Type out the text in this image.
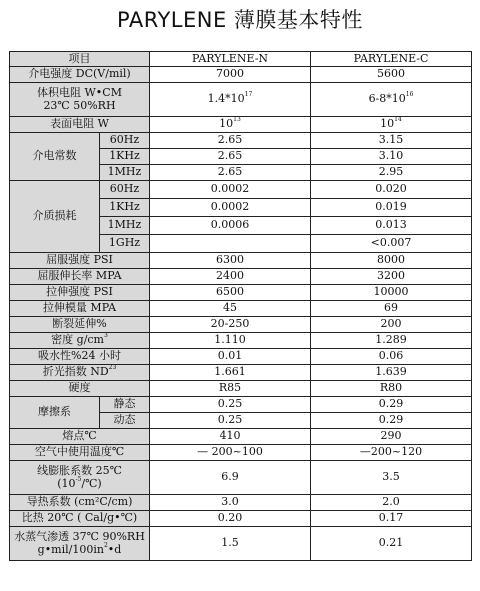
PARYLENE 薄膜基本特性
项目		PARYLENE-N	PARYLENE-C
介电强度 DC(V/mil)		7000	5600

体积电阻 W•CM
23℃ 50%RH		$1.4*10^{17}$	$6-8*10^{16}$
表面电阻 W		$10^{13}$	$10^{14}$
介电常数	60Hz	2.65	3.15
	1KHz	2.65	3.10
	1MHz	2.65	2.95
介质损耗	60Hz	0.0002	0.020
	1KHz	0.0002	0.019
	1MHz	0.0006	0.013
	1GHz		<0.007
屈服强度 PSI		6300	8000
屈服伸长率 MPA		2400	3200
拉伸强度 PSI		6500	10000
拉伸模量 MPA		45	69
断裂延伸%		20-250	200
密度 $g/cm^3$		1.110	1.289
吸水性%24 小时		0.01	0.06
折光指数 ND$^{23}$		1.661	1.639
硬度		R85	R80
摩擦系	静态	0.25	0.29
	动态	0.25	0.29
熔点℃		410	290
空气中使用温度℃		— 200~100	—200~120

线膨胀系数 25℃
$(10^{-5}/℃)$		6.9	3.5
导热系数 (cm²C/cm)		3.0	2.0
比热 20℃ ( Cal/g•℃)		0.20	0.17

水蒸气渗透 37℃ 90%RH
$g•mil/100in^2•d$		1.5	0.21
